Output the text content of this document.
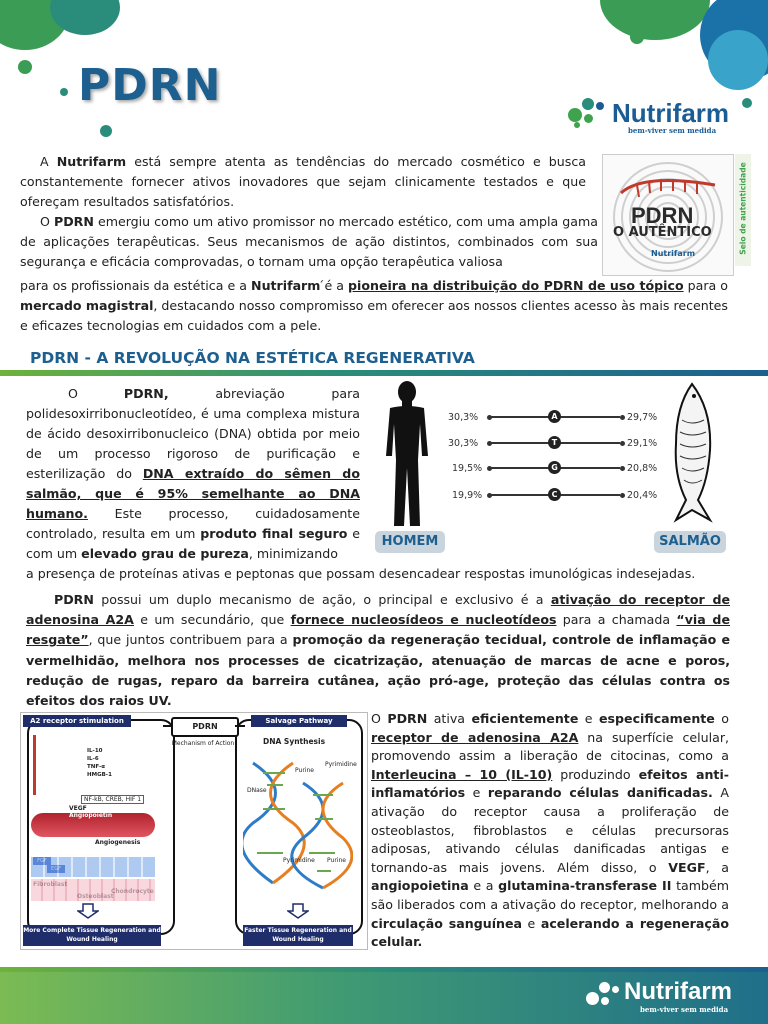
PDRN
Nutrifarm
bem-viver sem medida
PDRN
O AUTÊNTICO
Nutrifarm	Selo de autenticidade
A Nutrifarm está sempre atenta as tendências do mercado cosmético e busca constantemente fornecer ativos inovadores que sejam clinicamente testados e que ofereçam resultados satisfatórios.
O PDRN emergiu como um ativo promissor no mercado estético, com uma ampla gama de aplicações terapêuticas. Seus mecanismos de ação distintos, combinados com sua segurança e eficácia comprovadas, o tornam uma opção terapêutica valiosa
para os profissionais da estética e a Nutrifarm ́é a pioneira na distribuição do PDRN de uso tópico para o mercado magistral, destacando nosso compromisso em oferecer aos nossos clientes acesso às mais recentes e eficazes tecnologias em cuidados com a pele.
PDRN - A REVOLUÇÃO NA ESTÉTICA REGENERATIVA
O	PDRN,	abreviação para polidesoxirribonucleotídeo, é uma complexa mistura de ácido desoxirribonucleico (DNA) obtida por meio de um processo rigoroso de purificação e esterilização do DNA extraído do sêmen do salmão, que é 95% semelhante ao DNA humano. Este processo, cuidadosamente controlado, resulta em um produto final seguro e com um elevado grau de pureza, minimizando
a presença de proteínas ativas e peptonas que possam desencadear respostas imunológicas indesejadas.
30,3%	A	29,7%
30,3%	T	29,1%
19,5%	G	20,8%
19,9%	C	20,4%
HOMEM	SALMÃO
PDRN possui um duplo mecanismo de ação, o principal e exclusivo é a ativação do receptor de adenosina A2A e um secundário, que fornece nucleosídeos e nucleotídeos para a chamada “via de resgate”, que juntos contribuem para a promoção da regeneração tecidual, controle de inflamação e vermelhidão, melhora nos processes de cicatrização, atenuação de marcas de acne e poros, redução de rugas, reparo da barreira cutânea, ação pró-age, proteção das células contra os efeitos dos raios UV.
A2 receptor stimulation	Salvage Pathway
PDRN
Mechanism of Action
IL-10
IL-6
TNF-α
HMGB-1
NF-kB, CREB, HIF 1
VEGF
Angiopoietin
Angiogenesis
DNA Synthesis
Purine
Pyrimidine
DNase
Pyrimidine Purine
More Complete Tissue Regeneration and Wound Healing
Faster Tissue Regeneration and Wound Healing
O PDRN ativa eficientemente e especificamente o receptor de adenosina A2A na superfície celular, promovendo assim a liberação de citocinas, como a Interleucina – 10 (IL-10) produzindo efeitos anti-inflamatórios e reparando células danificadas. A ativação do receptor causa a proliferação de osteoblastos, fibroblastos e células precursoras adiposas, ativando células danificadas antigas e tornando-as mais jovens. Além disso, o VEGF, a angiopoietina e a glutamina-transferase II também são liberados com a ativação do receptor, melhorando a circulação sanguínea e acelerando a regeneração celular.
Nutrifarm
bem-viver sem medida
